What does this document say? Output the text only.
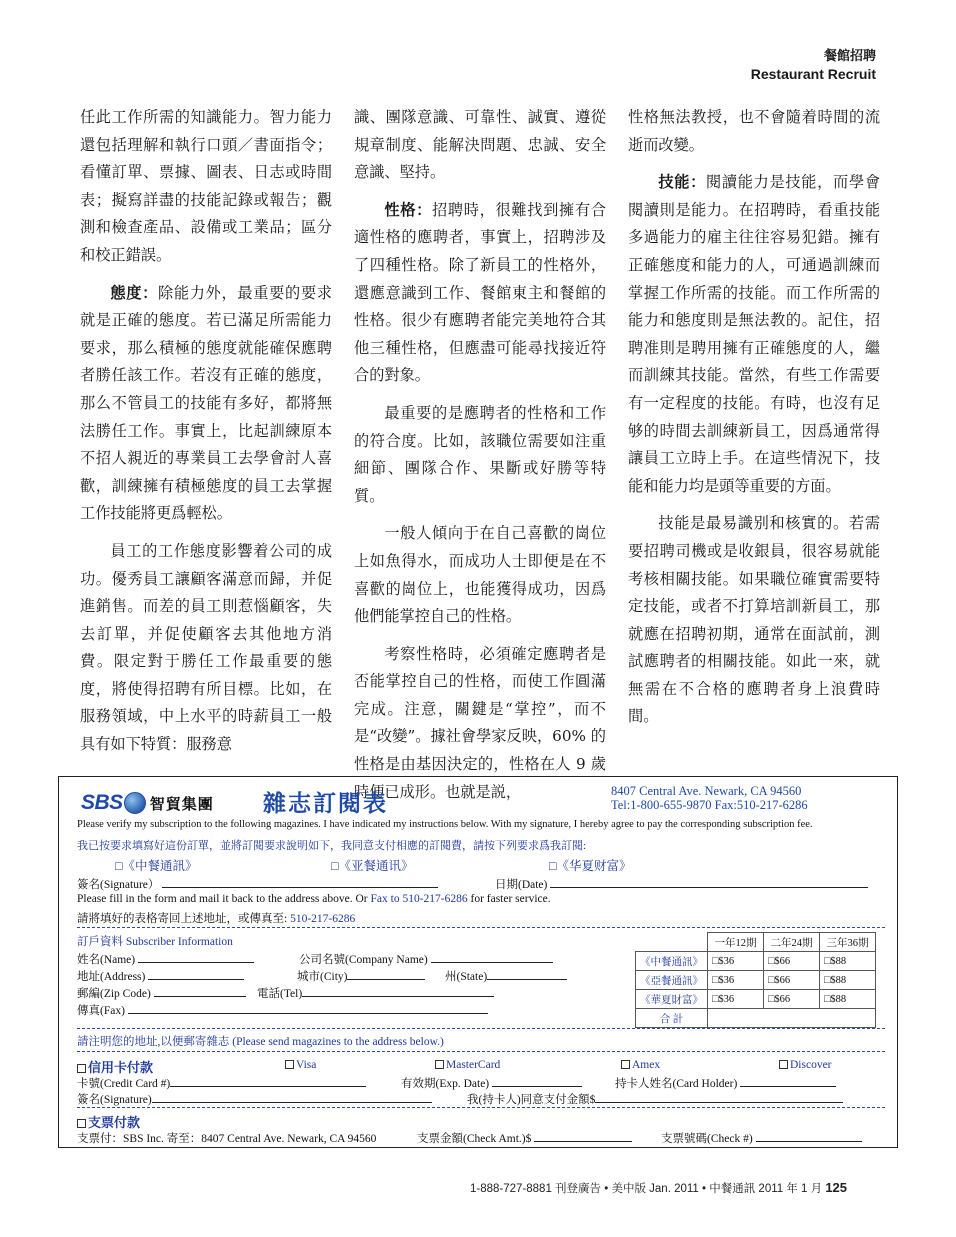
餐館招聘
Restaurant Recruit

任此工作所需的知識能力。智力能力還包括理解和執行口頭／書面指令；看懂訂單、票據、圖表、日志或時間表；擬寫詳盡的技能記錄或報告；觀測和檢查產品、設備或工業品；區分和校正錯誤。

態度：除能力外，最重要的要求就是正確的態度。若已滿足所需能力要求，那么積極的態度就能確保應聘者勝任該工作。若沒有正確的態度，那么不管員工的技能有多好，都將無法勝任工作。事實上，比起訓練原本不招人親近的專業員工去學會討人喜歡，訓練擁有積極態度的員工去掌握工作技能將更爲輕松。

員工的工作態度影響着公司的成功。優秀員工讓顧客滿意而歸，并促進銷售。而差的員工則惹惱顧客，失去訂單，并促使顧客去其他地方消費。限定對于勝任工作最重要的態度，將使得招聘有所目標。比如，在服務領域，中上水平的時薪員工一般具有如下特質：服務意

識、團隊意識、可靠性、誠實、遵從規章制度、能解決問題、忠誠、安全意識、堅持。

性格：招聘時，很難找到擁有合適性格的應聘者，事實上，招聘涉及了四種性格。除了新員工的性格外，還應意識到工作、餐館東主和餐館的性格。很少有應聘者能完美地符合其他三種性格，但應盡可能尋找接近符合的對象。

最重要的是應聘者的性格和工作的符合度。比如，該職位需要如注重細節、團隊合作、果斷或好勝等特質。

一般人傾向于在自己喜歡的崗位上如魚得水，而成功人士即便是在不喜歡的崗位上，也能獲得成功，因爲他們能掌控自己的性格。

考察性格時，必須確定應聘者是否能掌控自己的性格，而使工作圓滿完成。注意，關鍵是“掌控”，而不是“改變”。據社會學家反映，60% 的性格是由基因決定的，性格在人 9 歲時便已成形。也就是説，

性格無法教授，也不會隨着時間的流逝而改變。

技能：閱讀能力是技能，而學會閱讀則是能力。在招聘時，看重技能多過能力的雇主往往容易犯錯。擁有正確態度和能力的人，可通過訓練而掌握工作所需的技能。而工作所需的能力和態度則是無法教的。記住，招聘准則是聘用擁有正確態度的人，繼而訓練其技能。當然，有些工作需要有一定程度的技能。有時，也沒有足够的時間去訓練新員工，因爲通常得讓員工立時上手。在這些情況下，技能和能力均是頭等重要的方面。

技能是最易識别和核實的。若需要招聘司機或是收銀員，很容易就能考核相關技能。如果職位確實需要特定技能，或者不打算培訓新員工，那就應在招聘初期，通常在面試前，測試應聘者的相關技能。如此一來，就無需在不合格的應聘者身上浪費時間。

SBS 智貿集團 雜志訂閱表	8407 Central Ave. Newark, CA 94560
Tel:1-800-655-9870 Fax:510-217-6286
Please verify my subscription to the following magazines. I have indicated my instructions below. With my signature, I hereby agree to pay the corresponding subscription fee.
我已按要求填寫好這份訂單，並將訂閱要求說明如下，我同意支付相應的訂閱費，請按下列要求爲我訂閱:
□《中餐通訊》	□《亚餐通讯》	□《华夏财富》
簽名(Signature）	日期(Date)
Please fill in the form and mail it back to the address above. Or Fax to 510-217-6286 for faster service.
請將填好的表格寄回上述地址，或傳真至: 510-217-6286
訂戶資料 Subscriber Information
姓名(Name)	公司名號(Company Name)
地址(Address)	城市(City)	州(State)
郵編(Zip Code)	電話(Tel)
傳真(Fax)
	一年12期	二年24期	三年36期
《中餐通訊》	□$36	□$66	□$88
《亞餐通訊》	□$36	□$66	□$88
《華夏財富》	□$36	□$66	□$88
合 計			
請注明您的地址,以便郵寄雜志 (Please send magazines to the address below.)
信用卡付款	Visa	MasterCard	Amex	Discover
卡號(Credit Card #)	有效期(Exp. Date)	持卡人姓名(Card Holder)
簽名(Signature)	我(持卡人)同意支付金額$
支票付款
支票付：SBS Inc. 寄至：8407 Central Ave. Newark, CA 94560	支票金額(Check Amt.)$	支票號碼(Check #)
1-888-727-8881 刊登廣告 • 美中版 Jan. 2011 • 中餐通訊 2011 年 1 月 125
